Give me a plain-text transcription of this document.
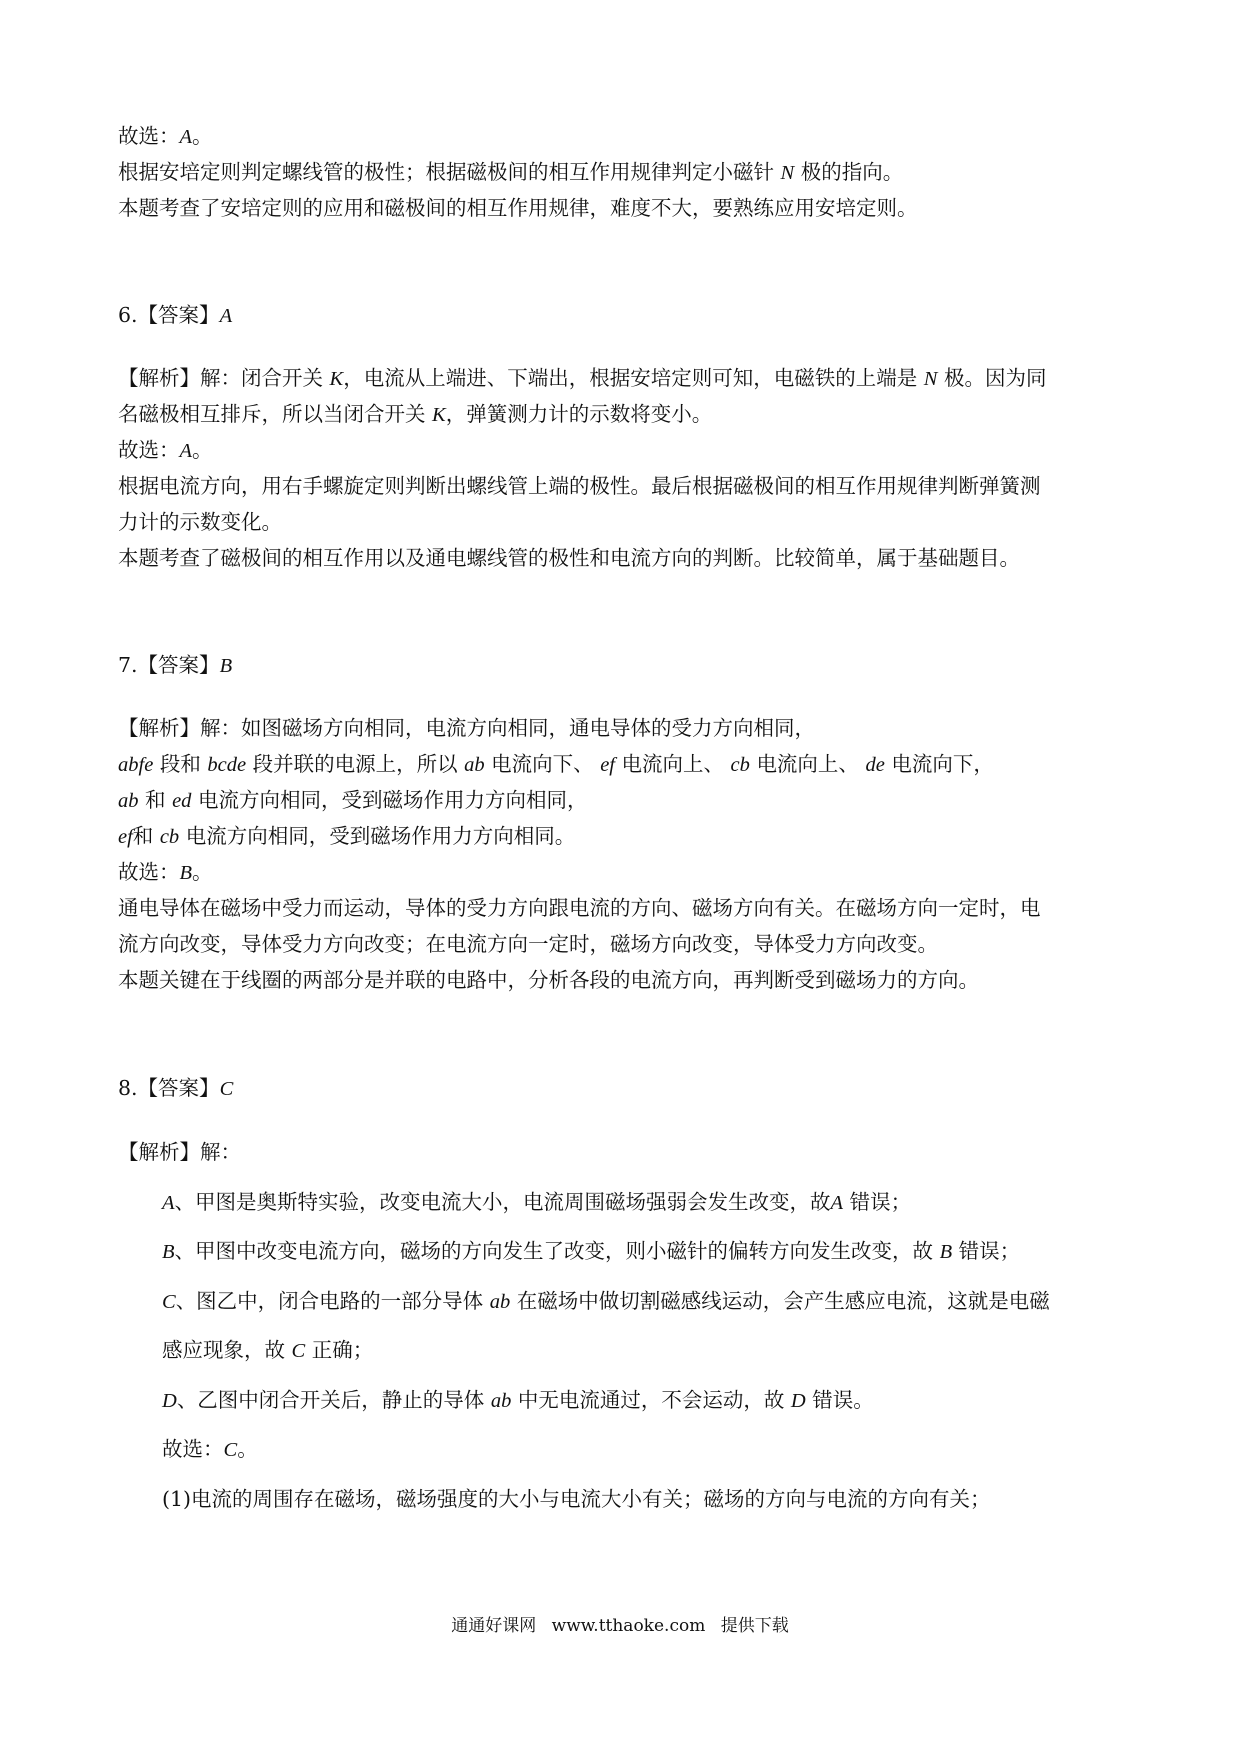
故选：A。
根据安培定则判定螺线管的极性；根据磁极间的相互作用规律判定小磁针 N 极的指向。
本题考查了安培定则的应用和磁极间的相互作用规律，难度不大，要熟练应用安培定则。
6.【答案】A
【解析】解：闭合开关 K，电流从上端进、下端出，根据安培定则可知，电磁铁的上端是 N 极。因为同
名磁极相互排斥，所以当闭合开关 K，弹簧测力计的示数将变小。
故选：A。
根据电流方向，用右手螺旋定则判断出螺线管上端的极性。最后根据磁极间的相互作用规律判断弹簧测
力计的示数变化。
本题考查了磁极间的相互作用以及通电螺线管的极性和电流方向的判断。比较简单，属于基础题目。
7.【答案】B
【解析】解：如图磁场方向相同，电流方向相同，通电导体的受力方向相同，
abfe 段和 bcde 段并联的电源上，所以 ab 电流向下、 ef 电流向上、 cb 电流向上、 de 电流向下，
ab 和 ed 电流方向相同，受到磁场作用力方向相同，
ef和 cb 电流方向相同，受到磁场作用力方向相同。
故选：B。
通电导体在磁场中受力而运动，导体的受力方向跟电流的方向、磁场方向有关。在磁场方向一定时，电
流方向改变，导体受力方向改变；在电流方向一定时，磁场方向改变，导体受力方向改变。
本题关键在于线圈的两部分是并联的电路中，分析各段的电流方向，再判断受到磁场力的方向。
8.【答案】C
【解析】解：
A、甲图是奥斯特实验，改变电流大小，电流周围磁场强弱会发生改变，故A 错误；
B、甲图中改变电流方向，磁场的方向发生了改变，则小磁针的偏转方向发生改变，故 B 错误；
C、图乙中，闭合电路的一部分导体 ab 在磁场中做切割磁感线运动，会产生感应电流，这就是电磁
感应现象，故 C 正确；
D、乙图中闭合开关后，静止的导体 ab 中无电流通过，不会运动，故 D 错误。
故选：C。
(1)电流的周围存在磁场，磁场强度的大小与电流大小有关；磁场的方向与电流的方向有关；
通通好课网 www.tthaoke.com 提供下载
